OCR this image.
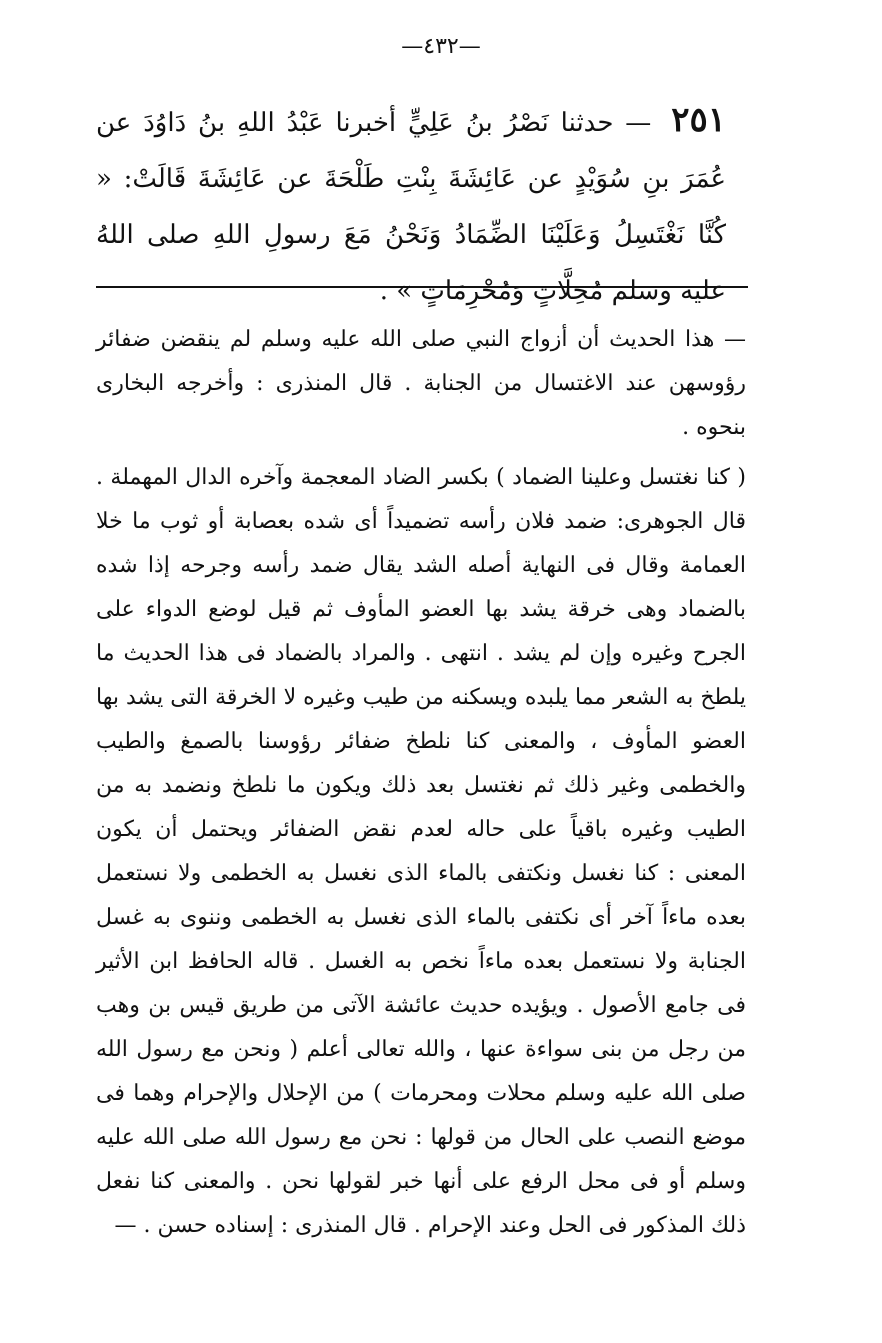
—٤٣٢—
٢٥١ — حدثنا نَصْرُ بنُ عَلِيٍّ أخبرنا عَبْدُ اللهِ بنُ دَاوُدَ عن عُمَرَ بنِ سُوَيْدٍ عن عَائِشَةَ بِنْتِ طَلْحَةَ عن عَائِشَةَ قَالَتْ: « كُنَّا نَغْتَسِلُ وَعَلَيْنَا الضِّمَادُ وَنَحْنُ مَعَ رسولِ اللهِ صلى اللهُ عليه وسلم مُحِلَّاتٍ وَمُحْرِمَاتٍ » .

— هذا الحديث أن أزواج النبي صلى الله عليه وسلم لم ينقضن ضفائر رؤوسهن عند الاغتسال من الجنابة . قال المنذرى : وأخرجه البخارى بنحوه .

( كنا نغتسل وعلينا الضماد ) بكسر الضاد المعجمة وآخره الدال المهملة . قال الجوهرى: ضمد فلان رأسه تضميداً أى شده بعصابة أو ثوب ما خلا العمامة وقال فى النهاية أصله الشد يقال ضمد رأسه وجرحه إذا شده بالضماد وهى خرقة يشد بها العضو المأوف ثم قيل لوضع الدواء على الجرح وغيره وإن لم يشد . انتهى . والمراد بالضماد فى هذا الحديث ما يلطخ به الشعر مما يلبده ويسكنه من طيب وغيره لا الخرقة التى يشد بها العضو المأوف ، والمعنى كنا نلطخ ضفائر رؤوسنا بالصمغ والطيب والخطمى وغير ذلك ثم نغتسل بعد ذلك ويكون ما نلطخ ونضمد به من الطيب وغيره باقياً على حاله لعدم نقض الضفائر ويحتمل أن يكون المعنى : كنا نغسل ونكتفى بالماء الذى نغسل به الخطمى ولا نستعمل بعده ماءاً آخر أى نكتفى بالماء الذى نغسل به الخطمى وننوى به غسل الجنابة ولا نستعمل بعده ماءاً نخص به الغسل . قاله الحافظ ابن الأثير فى جامع الأصول . ويؤيده حديث عائشة الآتى من طريق قيس بن وهب من رجل من بنى سواءة عنها ، والله تعالى أعلم ( ونحن مع رسول الله صلى الله عليه وسلم محلات ومحرمات ) من الإحلال والإحرام وهما فى موضع النصب على الحال من قولها : نحن مع رسول الله صلى الله عليه وسلم أو فى محل الرفع على أنها خبر لقولها نحن . والمعنى كنا نفعل ذلك المذكور فى الحل وعند الإحرام . قال المنذرى : إسناده حسن . —
